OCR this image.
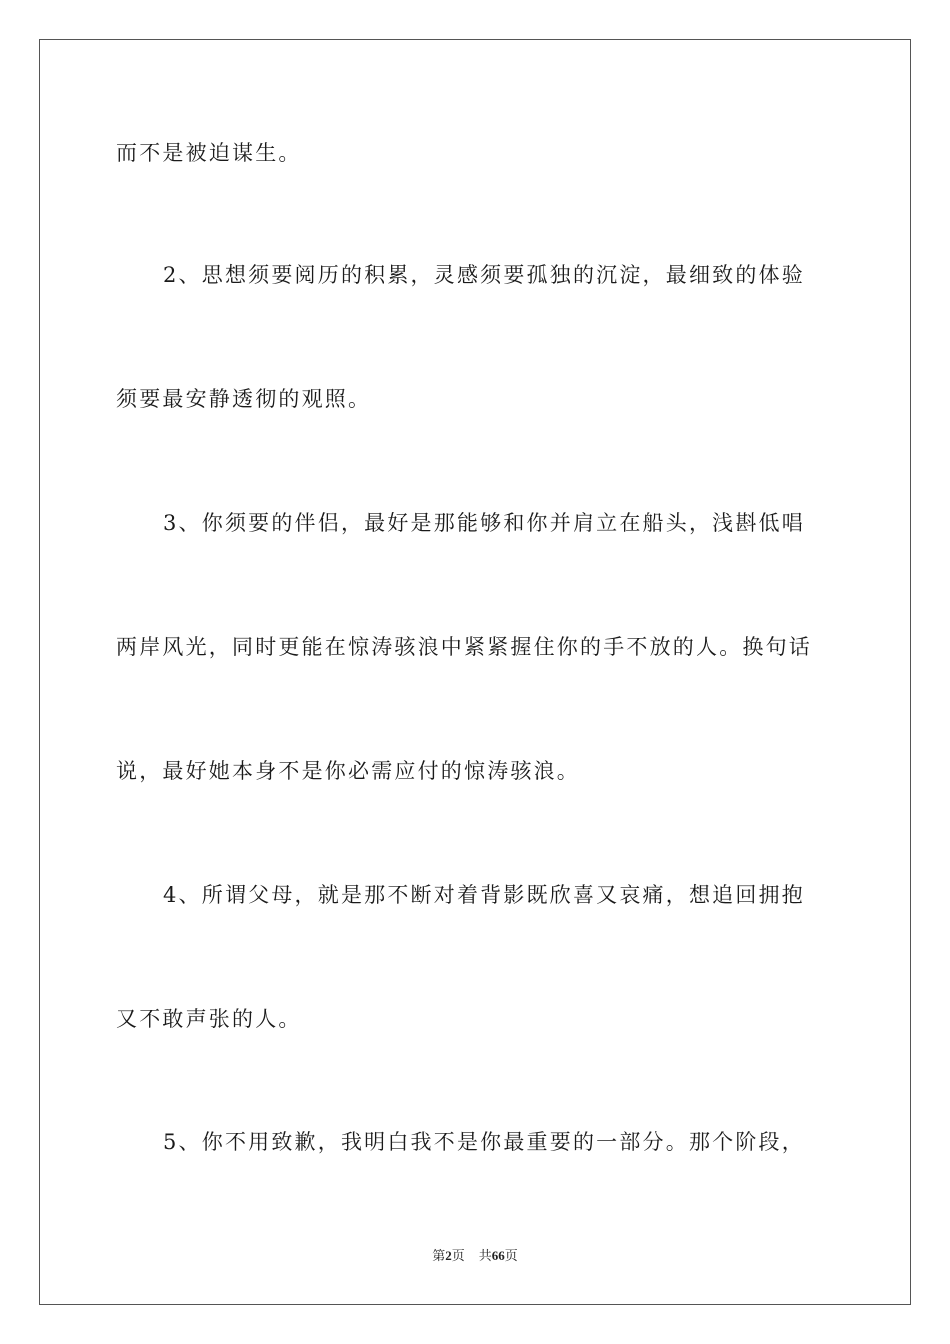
而不是被迫谋生。
2、思想须要阅历的积累，灵感须要孤独的沉淀，最细致的体验
须要最安静透彻的观照。
3、你须要的伴侣，最好是那能够和你并肩立在船头，浅斟低唱
两岸风光，同时更能在惊涛骇浪中紧紧握住你的手不放的人。换句话
说，最好她本身不是你必需应付的惊涛骇浪。
4、所谓父母，就是那不断对着背影既欣喜又哀痛，想追回拥抱
又不敢声张的人。
5、你不用致歉，我明白我不是你最重要的一部分。那个阶段，
第2页 共66页
